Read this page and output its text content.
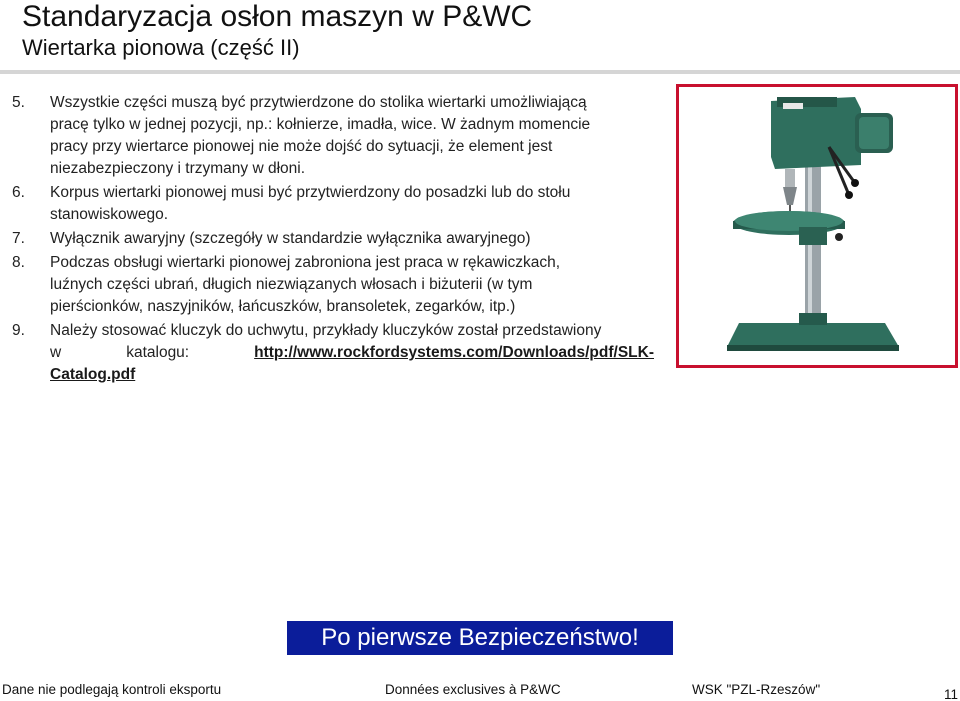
Standaryzacja osłon maszyn w P&WC
Wiertarka pionowa (część II)
5.	Wszystkie części muszą być przytwierdzone do stolika wiertarki umożliwiającą
pracę tylko w jednej pozycji, np.: kołnierze, imadła, wice. W żadnym momencie
pracy przy wiertarce pionowej nie może dojść do sytuacji, że element jest
niezabezpieczony i trzymany w dłoni.
6.	Korpus wiertarki pionowej musi być przytwierdzony do posadzki lub do stołu
stanowiskowego.
7.	Wyłącznik awaryjny (szczegóły w standardzie wyłącznika awaryjnego)
8.	Podczas obsługi wiertarki pionowej zabroniona jest praca w rękawiczkach,
luźnych części ubrań, długich niezwiązanych włosach i biżuterii (w tym
pierścionków, naszyjników, łańcuszków, bransoletek, zegarków, itp.)
9.	Należy stosować kluczyk do uchwytu, przykłady kluczyków został przedstawiony
w	katalogu:	http://www.rockfordsystems.com/Downloads/pdf/SLK-
Catalog.pdf
Po pierwsze Bezpieczeństwo!
Dane nie podlegają kontroli eksportu	Données exclusives à P&WC	WSK "PZL-Rzeszów"	11
